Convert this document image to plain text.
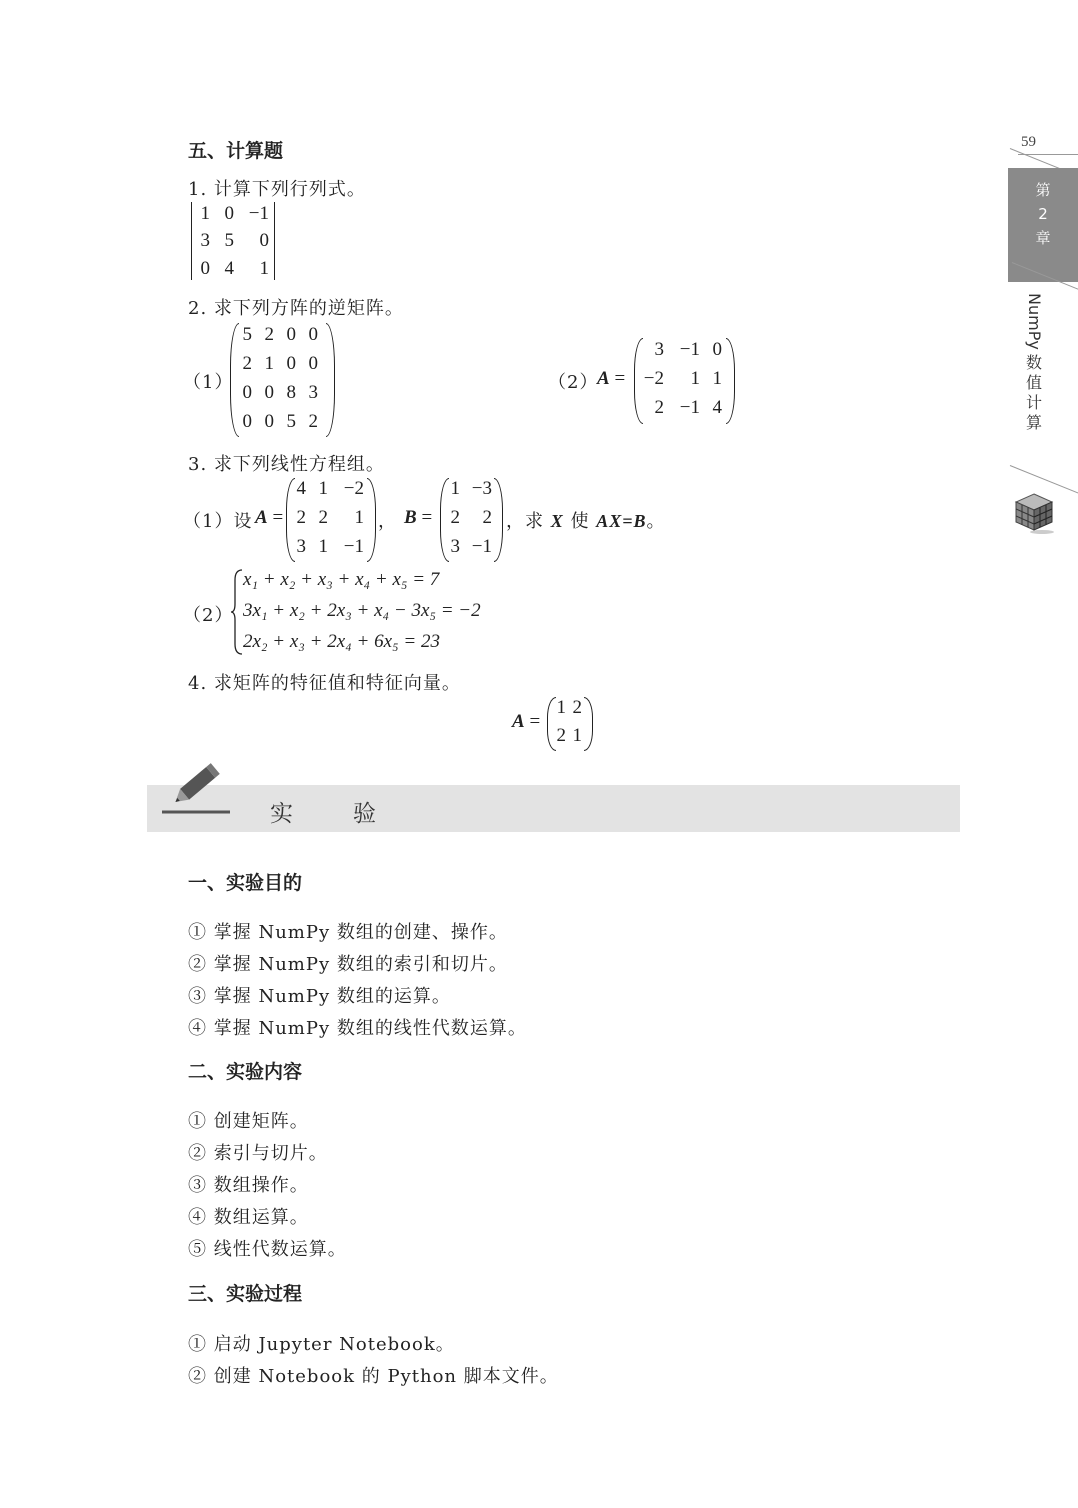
59
第
2
章
NumPy
数
值
计
算
五、计算题
1. 计算下列行列式。
1 0 −1
3 5	0
0 4	1
2. 求下列方阵的逆矩阵。
（1）
5 2 0 0
2 1 0 0
0 0 8 3
0 0 5 2
（2）
A =
3 −1 0
−2	1 1
2 −1 4
3. 求下列线性方程组。
（1）设 A =
4 1 −2
2 2	1
3 1 −1
， B =
1 −3
2	2
3 −1
，求 X 使 AX=B。
（2）
x₁ + x₂ + x₃ + x₄ + x₅ = 7
3x₁ + x₂ + 2x₃ + x₄ − 3x₅ = −2
2x₂ + x₃ + 2x₄ + 6x₅ = 23
4. 求矩阵的特征值和特征向量。
A =
1 2
2 1
实验
一、实验目的
① 掌握 NumPy 数组的创建、操作。
② 掌握 NumPy 数组的索引和切片。
③ 掌握 NumPy 数组的运算。
④ 掌握 NumPy 数组的线性代数运算。
二、实验内容
① 创建矩阵。
② 索引与切片。
③ 数组操作。
④ 数组运算。
⑤ 线性代数运算。
三、实验过程
① 启动 Jupyter Notebook。
② 创建 Notebook 的 Python 脚本文件。
